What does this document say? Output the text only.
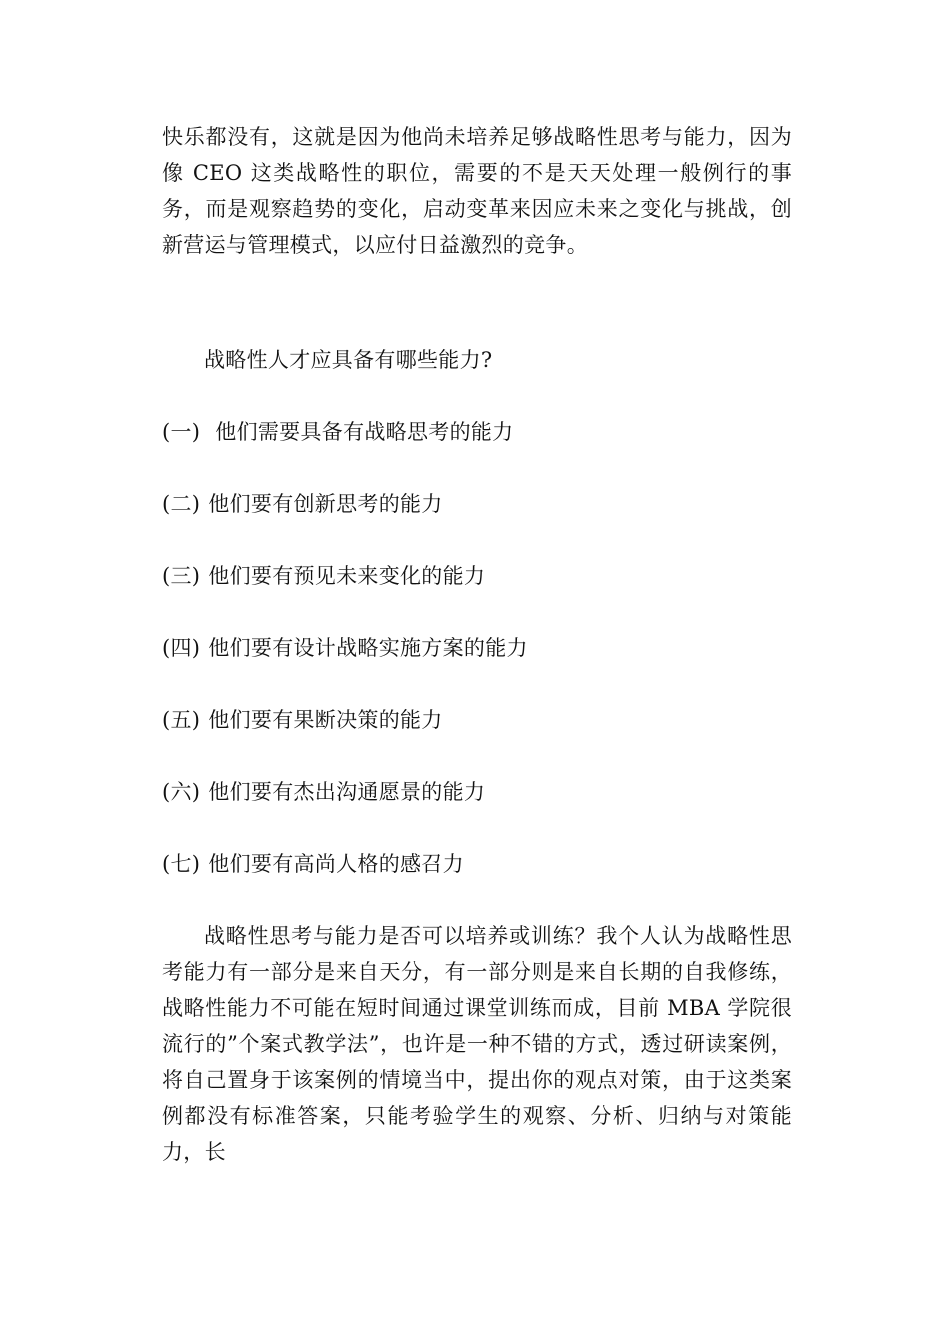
快乐都没有，这就是因为他尚未培养足够战略性思考与能力，因为像 CEO 这类战略性的职位，需要的不是天天处理一般例行的事务，而是观察趋势的变化，启动变革来因应未来之变化与挑战，创新营运与管理模式，以应付日益激烈的竞争。

战略性人才应具备有哪些能力?

(一) 他们需要具备有战略思考的能力

(二) 他们要有创新思考的能力

(三) 他们要有预见未来变化的能力

(四) 他们要有设计战略实施方案的能力

(五) 他们要有果断决策的能力

(六) 他们要有杰出沟通愿景的能力

(七) 他们要有高尚人格的感召力

战略性思考与能力是否可以培养或训练？我个人认为战略性思考能力有一部分是来自天分，有一部分则是来自长期的自我修练，战略性能力不可能在短时间通过课堂训练而成，目前 MBA 学院很流行的”个案式教学法”，也许是一种不错的方式，透过研读案例，将自己置身于该案例的情境当中，提出你的观点对策，由于这类案例都没有标准答案，只能考验学生的观察、分析、归纳与对策能力，长
